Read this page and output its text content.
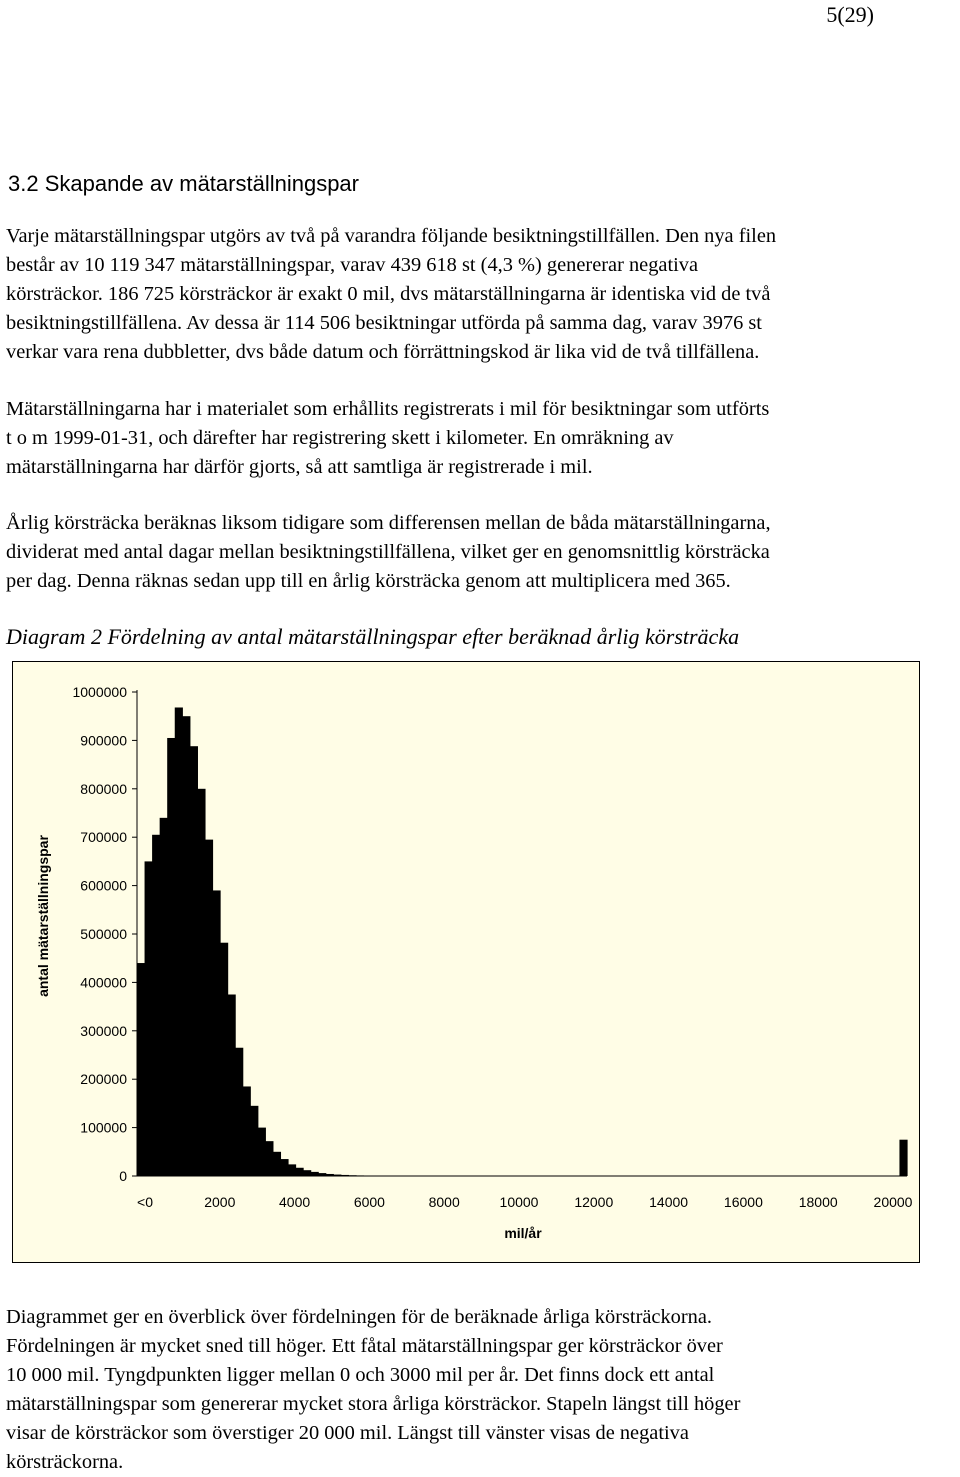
5(29)
3.2 Skapande av mätarställningspar
Varje mätarställningspar utgörs av två på varandra följande besiktningstillfällen. Den nya filen
består av 10 119 347 mätarställningspar, varav 439 618 st (4,3 %) genererar negativa
körsträckor. 186 725 körsträckor är exakt 0 mil, dvs mätarställningarna är identiska vid de två
besiktningstillfällena. Av dessa är 114 506 besiktningar utförda på samma dag, varav 3976 st
verkar vara rena dubbletter, dvs både datum och förrättningskod är lika vid de två tillfällena.
Mätarställningarna har i materialet som erhållits registrerats i mil för besiktningar som utförts
t o m 1999-01-31, och därefter har registrering skett i kilometer. En omräkning av
mätarställningarna har därför gjorts, så att samtliga är registrerade i mil.
Årlig körsträcka beräknas liksom tidigare som differensen mellan de båda mätarställningarna,
dividerat med antal dagar mellan besiktningstillfällena, vilket ger en genomsnittlig körsträcka
per dag. Denna räknas sedan upp till en årlig körsträcka genom att multiplicera med 365.
Diagram 2 Fördelning av antal mätarställningspar efter beräknad årlig körsträcka
0
100000
200000
300000
400000
500000
600000
700000
800000
900000
1000000
<0	2000	4000	6000	8000	10000	12000	14000	16000	18000	20000
mil/år
antal mätarställningspar
Diagrammet ger en överblick över fördelningen för de beräknade årliga körsträckorna.
Fördelningen är mycket sned till höger. Ett fåtal mätarställningspar ger körsträckor över
10 000 mil. Tyngdpunkten ligger mellan 0 och 3000 mil per år. Det finns dock ett antal
mätarställningspar som genererar mycket stora årliga körsträckor. Stapeln längst till höger
visar de körsträckor som överstiger 20 000 mil. Längst till vänster visas de negativa
körsträckorna.
